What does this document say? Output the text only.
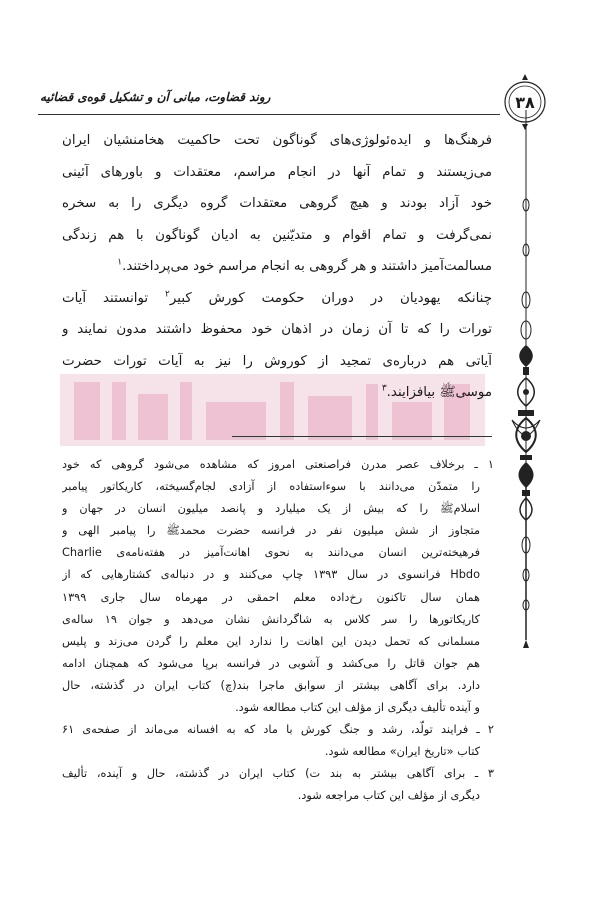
۳۸
روند قضاوت، مبانی آن و تشکیل قوه‌ی قضائیه

فرهنگ‌ها و ایده‌ئولوژی‌های گوناگون تحت حاکمیت هخامنشیان ایران
می‌زیستند و تمام آنها در انجام مراسم، معتقدات و باورهای آئینی
خود آزاد بودند و هیچ گروهی معتقدات گروه دیگری را به سخره
نمی‌گرفت و تمام اقوام و متدیّنین به ادیان گوناگون با هم زندگی
مسالمت‌آمیز داشتند و هر گروهی به انجام مراسم خود می‌پرداختند.$^۱$

چنانکه یهودیان در دوران حکومت کورش کبیر$^۲$ توانستند آیات
تورات را که تا آن زمان در اذهان خود محفوظ داشتند مدون نمایند و
آیاتی هم درباره‌ی تمجید از کوروش را نیز به آیات تورات حضرت
موسیﷺ بیافزایند.$^۳$

۱ ـ برخلاف عصر مدرن فراصنعتی امروز که مشاهده می‌شود گروهی که خود
را متمدّن می‌دانند با سوءاستفاده از آزادی لجام‌گسیخته، کاریکاتور پیامبر
اسلامﷺ را که بیش از یک میلیارد و پانصد میلیون انسان در جهان و
متجاوز از شش میلیون نفر در فرانسه حضرت محمدﷺ را پیامبر الهی و
فرهیخته‌ترین انسان می‌دانند به نحوی اهانت‌آمیز در هفته‌نامه‌ی Charlie
Hbdo فرانسوی در سال ۱۳۹۳ چاپ می‌کنند و در دنباله‌ی کشتارهایی که از
همان سال تاکنون رخ‌داده معلم احمقی در مهرماه سال جاری ۱۳۹۹
کاریکاتورها را سر کلاس به شاگردانش نشان می‌دهد و جوان ۱۹ ساله‌ی
مسلمانی که تحمل دیدن این اهانت را ندارد این معلم را گردن می‌زند و پلیس
هم جوان قاتل را می‌کشد و آشوبی در فرانسه برپا می‌شود که همچنان ادامه
دارد. برای آگاهی بیشتر از سوابق ماجرا بند(چ) کتاب ایران در گذشته، حال
و آینده تألیف دیگری از مؤلف این کتاب مطالعه شود.
۲ ـ فرایند تولّد، رشد و جنگ کورش با ماد که به افسانه می‌ماند از صفحه‌ی ۶۱
کتاب «تاریخ ایران» مطالعه شود.
۳ ـ برای آگاهی بیشتر به بند ت) کتاب ایران در گذشته، حال و آینده، تألیف
دیگری از مؤلف این کتاب مراجعه شود.
